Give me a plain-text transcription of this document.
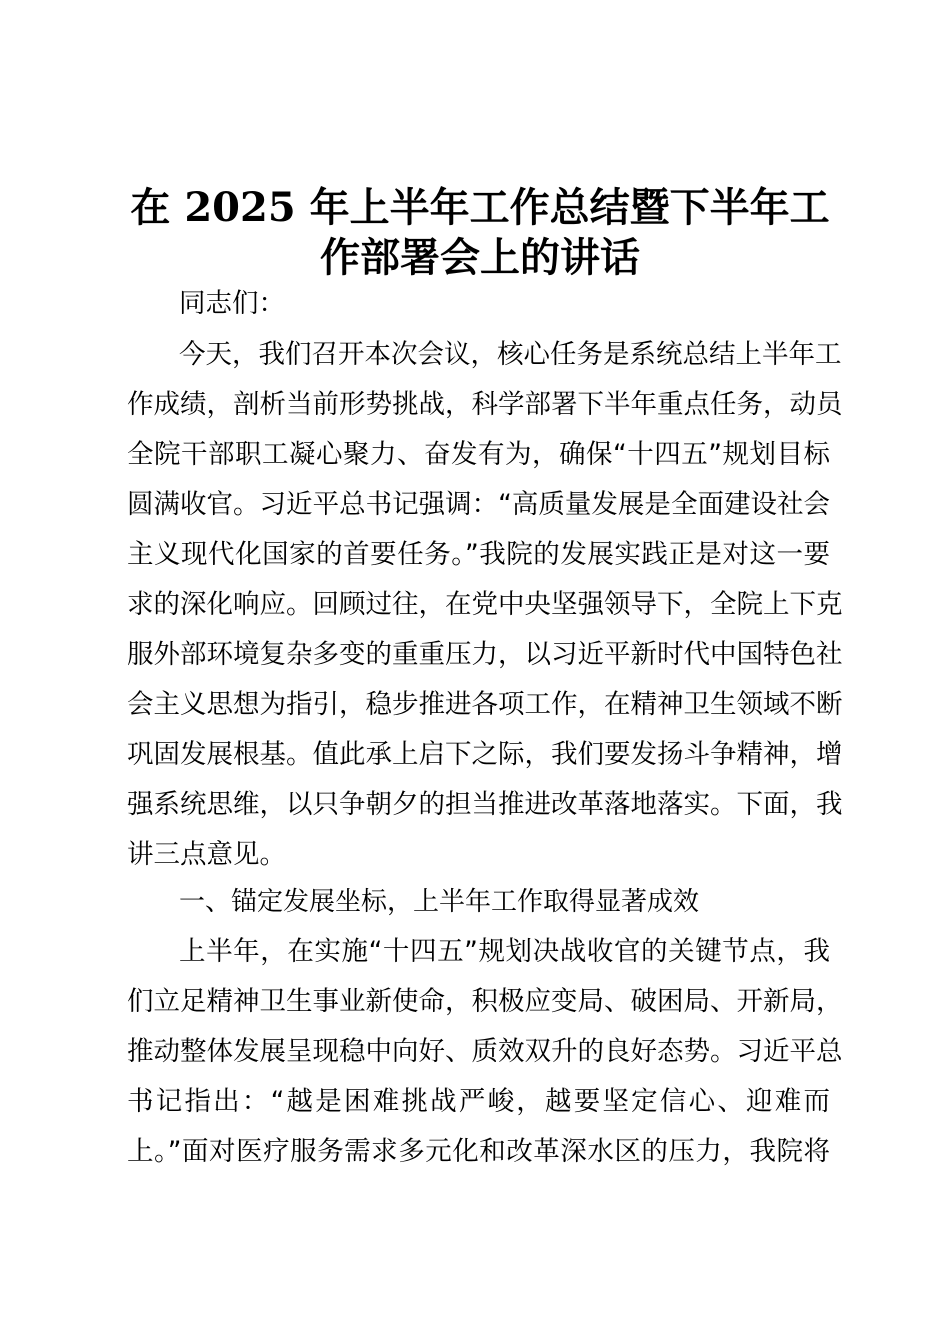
在 2025 年上半年工作总结暨下半年工
作部署会上的讲话
同志们：
今天，我们召开本次会议，核心任务是系统总结上半年工
作成绩，剖析当前形势挑战，科学部署下半年重点任务，动员
全院干部职工凝心聚力、奋发有为，确保“十四五”规划目标
圆满收官。习近平总书记强调：“高质量发展是全面建设社会
主义现代化国家的首要任务。”我院的发展实践正是对这一要
求的深化响应。回顾过往，在党中央坚强领导下，全院上下克
服外部环境复杂多变的重重压力，以习近平新时代中国特色社
会主义思想为指引，稳步推进各项工作，在精神卫生领域不断
巩固发展根基。值此承上启下之际，我们要发扬斗争精神，增
强系统思维，以只争朝夕的担当推进改革落地落实。下面，我
讲三点意见。
一、锚定发展坐标，上半年工作取得显著成效
上半年，在实施“十四五”规划决战收官的关键节点，我
们立足精神卫生事业新使命，积极应变局、破困局、开新局，
推动整体发展呈现稳中向好、质效双升的良好态势。习近平总
书记指出：“越是困难挑战严峻，越要坚定信心、迎难而
上。”面对医疗服务需求多元化和改革深水区的压力，我院将
